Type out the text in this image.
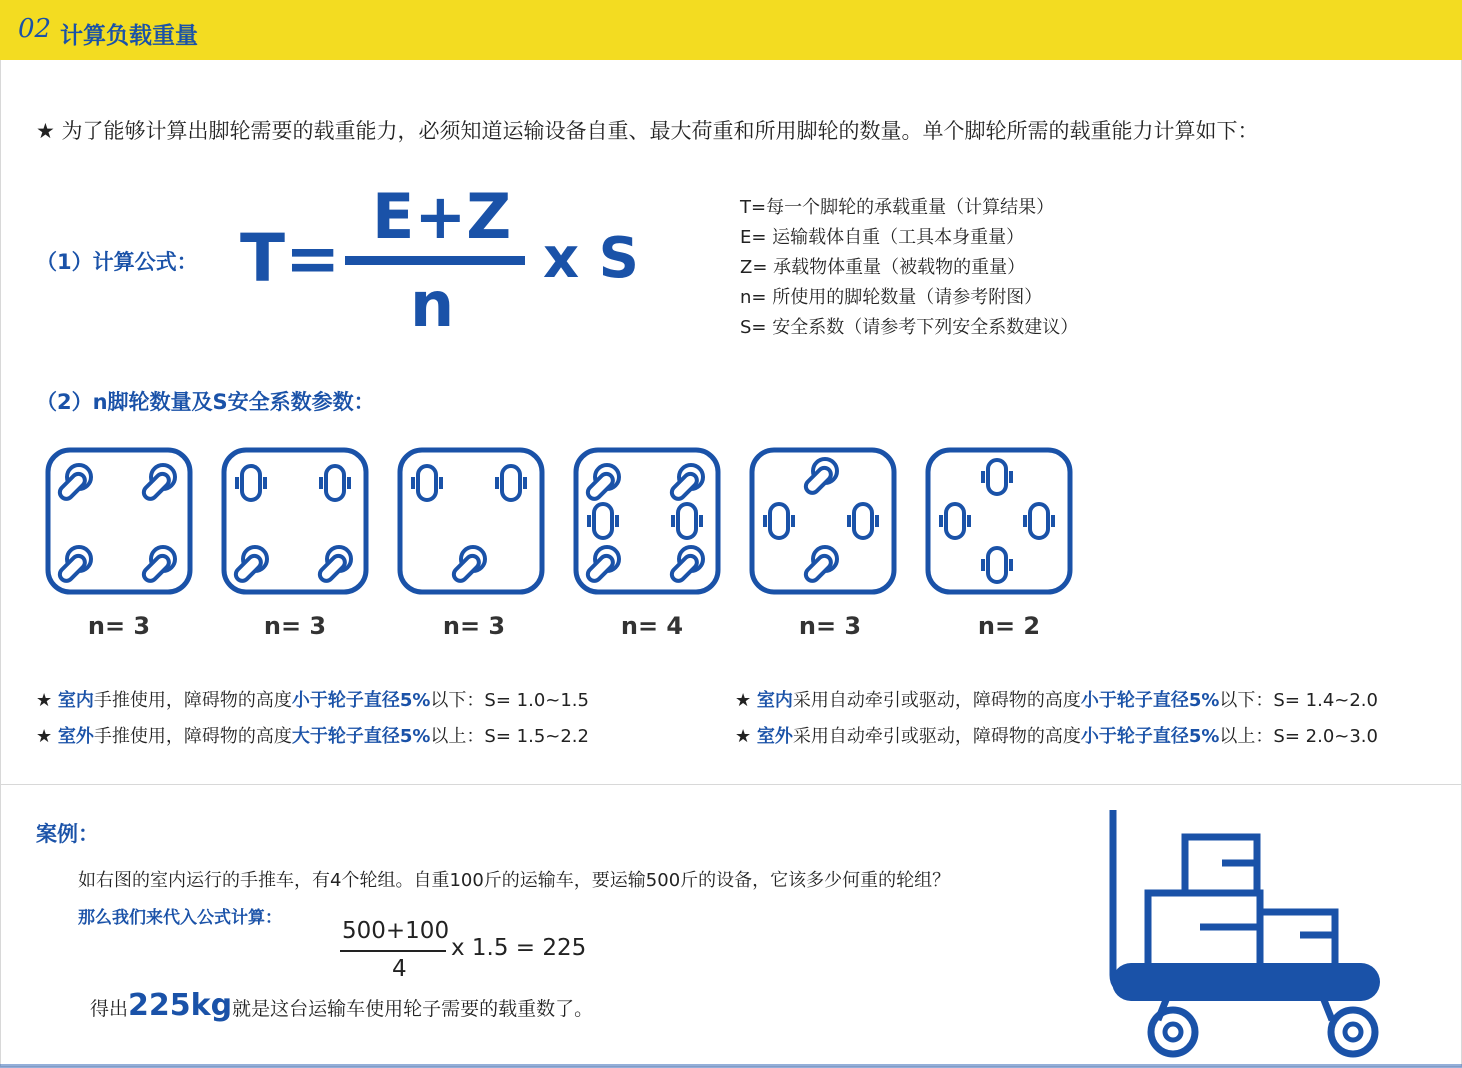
02 计算负载重量
★ 为了能够计算出脚轮需要的载重能力，必须知道运输设备自重、最大荷重和所用脚轮的数量。单个脚轮所需的载重能力计算如下：
（1）计算公式： T=
E+Z
n
x S
T=每一个脚轮的承载重量（计算结果）
E= 运输载体自重（工具本身重量）
Z= 承载物体重量（被载物的重量）
n= 所使用的脚轮数量（请参考附图）
S= 安全系数（请参考下列安全系数建议）
（2）n脚轮数量及S安全系数参数：
n= 3	n= 3	n= 3	n= 4	n= 3	n= 2
★ 室内手推使用，障碍物的高度小于轮子直径5%以下：S= 1.0~1.5
★ 室外手推使用，障碍物的高度大于轮子直径5%以上：S= 1.5~2.2
★ 室内采用自动牵引或驱动，障碍物的高度小于轮子直径5%以下：S= 1.4~2.0
★ 室外采用自动牵引或驱动，障碍物的高度小于轮子直径5%以上：S= 2.0~3.0
案例：
如右图的室内运行的手推车，有4个轮组。自重100斤的运输车，要运输500斤的设备，它该多少何重的轮组？
那么我们来代入公式计算：	500+100
4
x 1.5 = 225
得出225kg就是这台运输车使用轮子需要的载重数了。
